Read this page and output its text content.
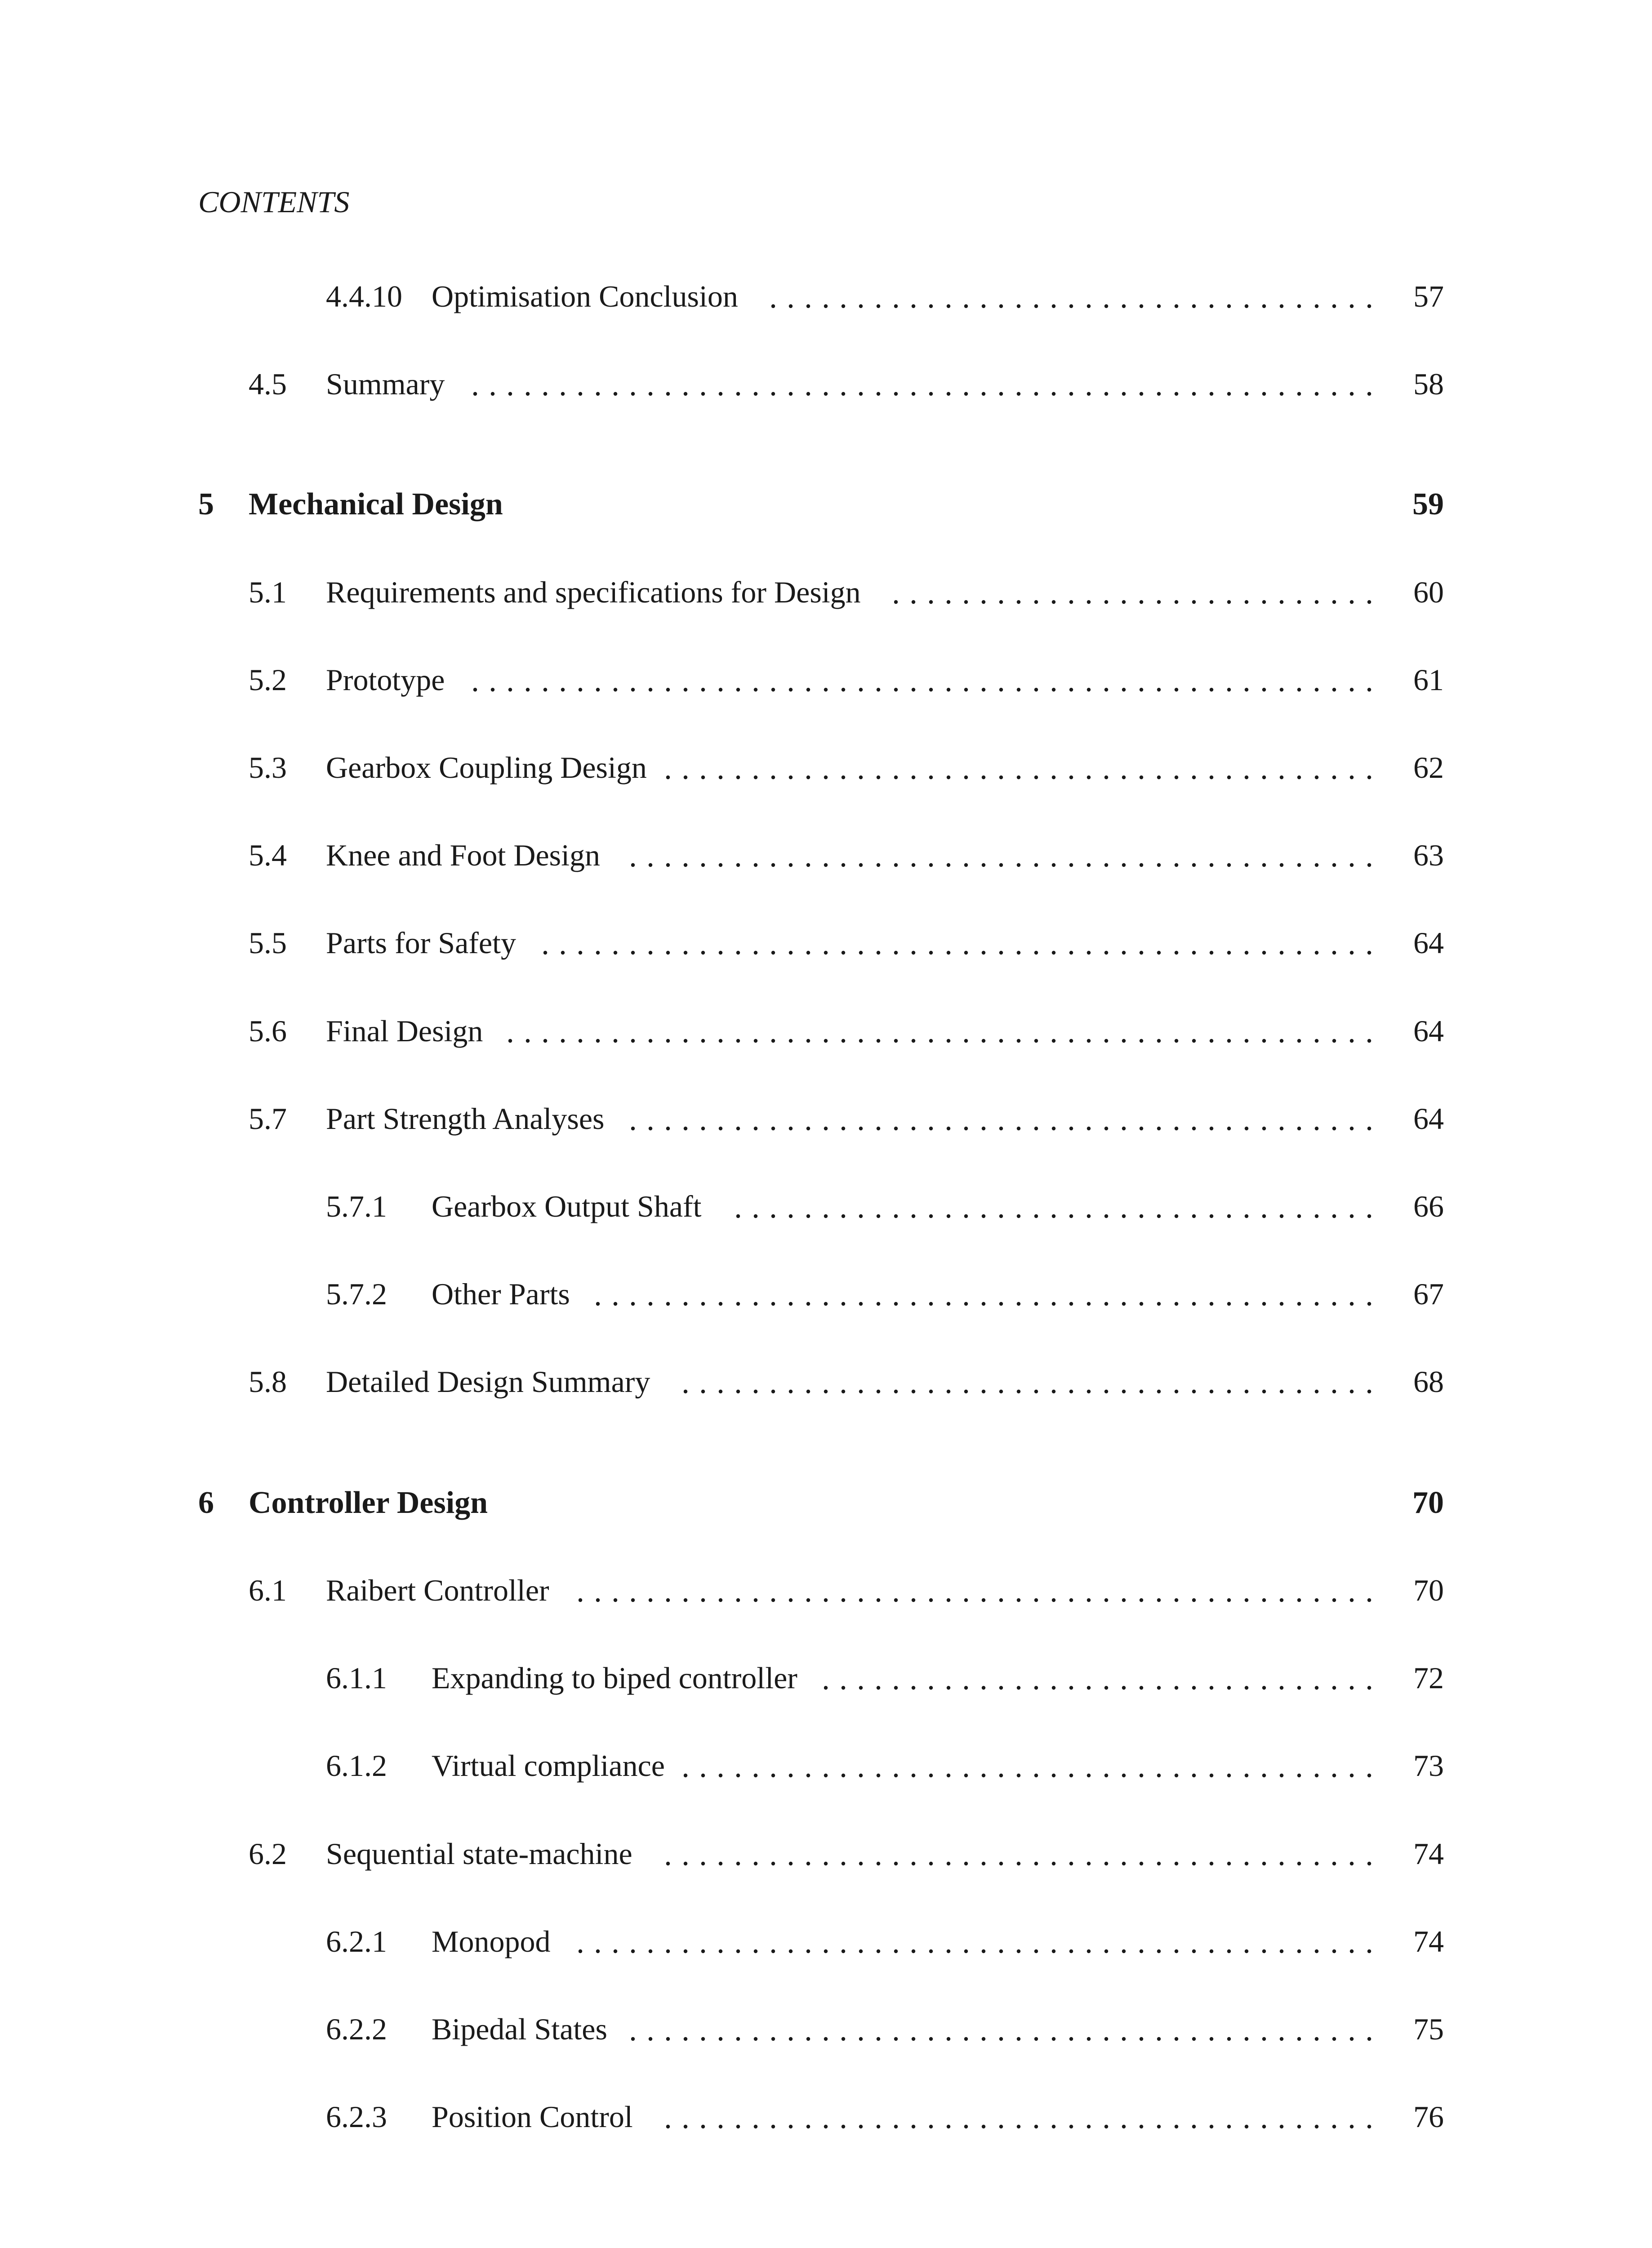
CONTENTS
4.4.10 Optimisation Conclusion	57
4.5 Summary	58
5 Mechanical Design	59
5.1 Requirements and specifications for Design	60
5.2 Prototype	61
5.3 Gearbox Coupling Design	62
5.4 Knee and Foot Design	63
5.5 Parts for Safety	64
5.6 Final Design	64
5.7 Part Strength Analyses	64
5.7.1 Gearbox Output Shaft	66
5.7.2 Other Parts	67
5.8 Detailed Design Summary	68
6 Controller Design	70
6.1 Raibert Controller	70
6.1.1 Expanding to biped controller	72
6.1.2 Virtual compliance	73
6.2 Sequential state-machine	74
6.2.1 Monopod	74
6.2.2 Bipedal States	75
6.2.3 Position Control	76
